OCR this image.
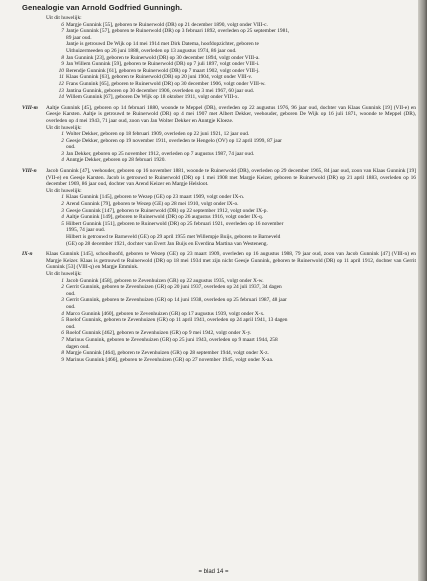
Genealogie van Arnold Godfried Gunningh.
Uit dit huwelijk:
6 Margje Gunnink [55], geboren te Ruinerwold (DR) op 21 december 1890, volgt onder VIII-c.
7 Jantje Gunnink [57], geboren te Ruinerwold (DR) op 3 februari 1892, overleden op 25 september 1981,
89 jaar oud.
Jantje is getrouwd De Wijk op 14 mei 1914 met Dirk Datema, hoofdopzichter, geboren te
Uithuizermeeden op 26 juni 1888, overleden op 13 augustus 1974, 86 jaar oud.
8 Jan Gunnink [23], geboren te Ruinerwold (DR) op 30 december 1894, volgt onder VIII-a.
9 Jan Willem Gunnink [59], geboren te Ruinerwold (DR) op 7 juli 1897, volgt onder VIII-i.
10 Berendje Gunnink [61], geboren te Ruinerwold (DR) op 7 maart 1902, volgt onder VIII-j.
11 Klaas Gunnink [63], geboren te Ruinerwold (DR) op 20 juni 1904, volgt onder VIII-v.
12 Frans Gunnink [65], geboren te Ruinerwold (DR) op 30 december 1906, volgt onder VIII-w.
13 Jantina Gunnink, geboren op 30 december 1906, overleden op 3 mei 1967, 60 jaar oud.
14 Willem Gunnink [67], geboren De Wijk op 18 oktober 1911, volgt onder VIII-x.
VIII-m	Aaltje Gunnink [45], geboren op 14 februari 1880, woonde te Meppel (DR), overleden op 22 augustus 1976, 96 jaar oud, dochter van Klaas Gunnink [19] (VII-e) en Geesje Karsten. Aaltje is getrouwd te Ruinerwold (DR) op 4 mei 1907 met Albert Dekker, veehouder, geboren De Wijk op 16 juli 1871, woonde te Meppel (DR), overleden op 4 mei 1943, 71 jaar oud, zoon van Jan Wolter Dekker en Anntgje Kloeze.
Uit dit huwelijk:
1 Wolter Dekker, geboren op 18 februari 1909, overleden op 22 juni 1921, 12 jaar oud.
2 Geesje Dekker, geboren op 19 november 1911, overleden te Hengelo (OV) op 12 april 1999, 87 jaar
oud.
3 Jan Dekker, geboren op 25 november 1912, overleden op 7 augustus 1987, 74 jaar oud.
4 Anntgje Dekker, geboren op 28 februari 1920.
VIII-n	Jacob Gunnink [47], veehouder, geboren op 16 november 1881, woonde te Ruinerwold (DR), overleden op 29 december 1965, 84 jaar oud, zoon van Klaas Gunnink [19] (VII-e) en Geesje Karsten. Jacob is getrouwd te Ruinerwold (DR) op 1 mei 1908 met Margje Keizer, geboren te Ruinerwold (DR) op 21 april 1883, overleden op 16 december 1969, 86 jaar oud, dochter van Arend Keizer en Margje Helsloot.
Uit dit huwelijk:
1 Klaas Gunnink [145], geboren te Wezep (GE) op 23 maart 1909, volgt onder IX-n.
2 Arend Gunnink [79], geboren te Wezep (GE) op 28 mei 1910, volgt onder IX-o.
3 Geesje Gunnink [147], geboren te Ruinerwold (DR) op 22 september 1912, volgt onder IX-p.
4 Aaltje Gunnink [149], geboren te Ruinerwold (DR) op 26 augustus 1916, volgt onder IX-q.
5 Hilbert Gunnink [151], geboren te Ruinerwold (DR) op 25 februari 1921, overleden op 16 november
1995, 74 jaar oud.
Hilbert is getrouwd te Barneveld (GE) op 29 april 1955 met Willempje Buijs, geboren te Barneveld
(GE) op 28 december 1921, dochter van Evert Jan Buijs en Everdina Martina van Westeneng.
IX-n	Klaas Gunnink [145], schoolhoofd, geboren te Wezep (GE) op 23 maart 1909, overleden op 16 augustus 1988, 79 jaar oud, zoon van Jacob Gunnink [47] (VIII-n) en Margje Keizer. Klaas is getrouwd te Ruinerwold (DR) op 18 mei 1934 met zijn nicht Geesje Gunnink, geboren te Ruinerwold (DR) op 11 april 1912, dochter van Gerrit Gunnink [53] (VIII-q) en Margje Emmink.
Uit dit huwelijk:
1 Jacob Gunnink [458], geboren te Zevenhuizen (GR) op 22 augustus 1935, volgt onder X-w.
2 Gerrit Gunnink, geboren te Zevenhuizen (GR) op 20 juni 1937, overleden op 24 juli 1937, 34 dagen
oud.
3 Gerrit Gunnink, geboren te Zevenhuizen (GR) op 14 juni 1938, overleden op 25 februari 1987, 48 jaar
oud.
4 Marco Gunnink [460], geboren te Zevenhuizen (GR) op 17 augustus 1939, volgt onder X-x.
5 Roelof Gunnink, geboren te Zevenhuizen (GR) op 11 april 1941, overleden op 24 april 1941, 13 dagen
oud.
6 Roelof Gunnink [462], geboren te Zevenhuizen (GR) op 9 mei 1942, volgt onder X-y.
7 Marinus Gunnink, geboren te Zevenhuizen (GR) op 25 juni 1943, overleden op 9 maart 1944, 258
dagen oud.
8 Margje Gunnink [464], geboren te Zevenhuizen (GR) op 28 september 1944, volgt onder X-z.
9 Marinus Gunnink [466], geboren te Zevenhuizen (GR) op 27 november 1945, volgt onder X-aa.
= blad 14 =
